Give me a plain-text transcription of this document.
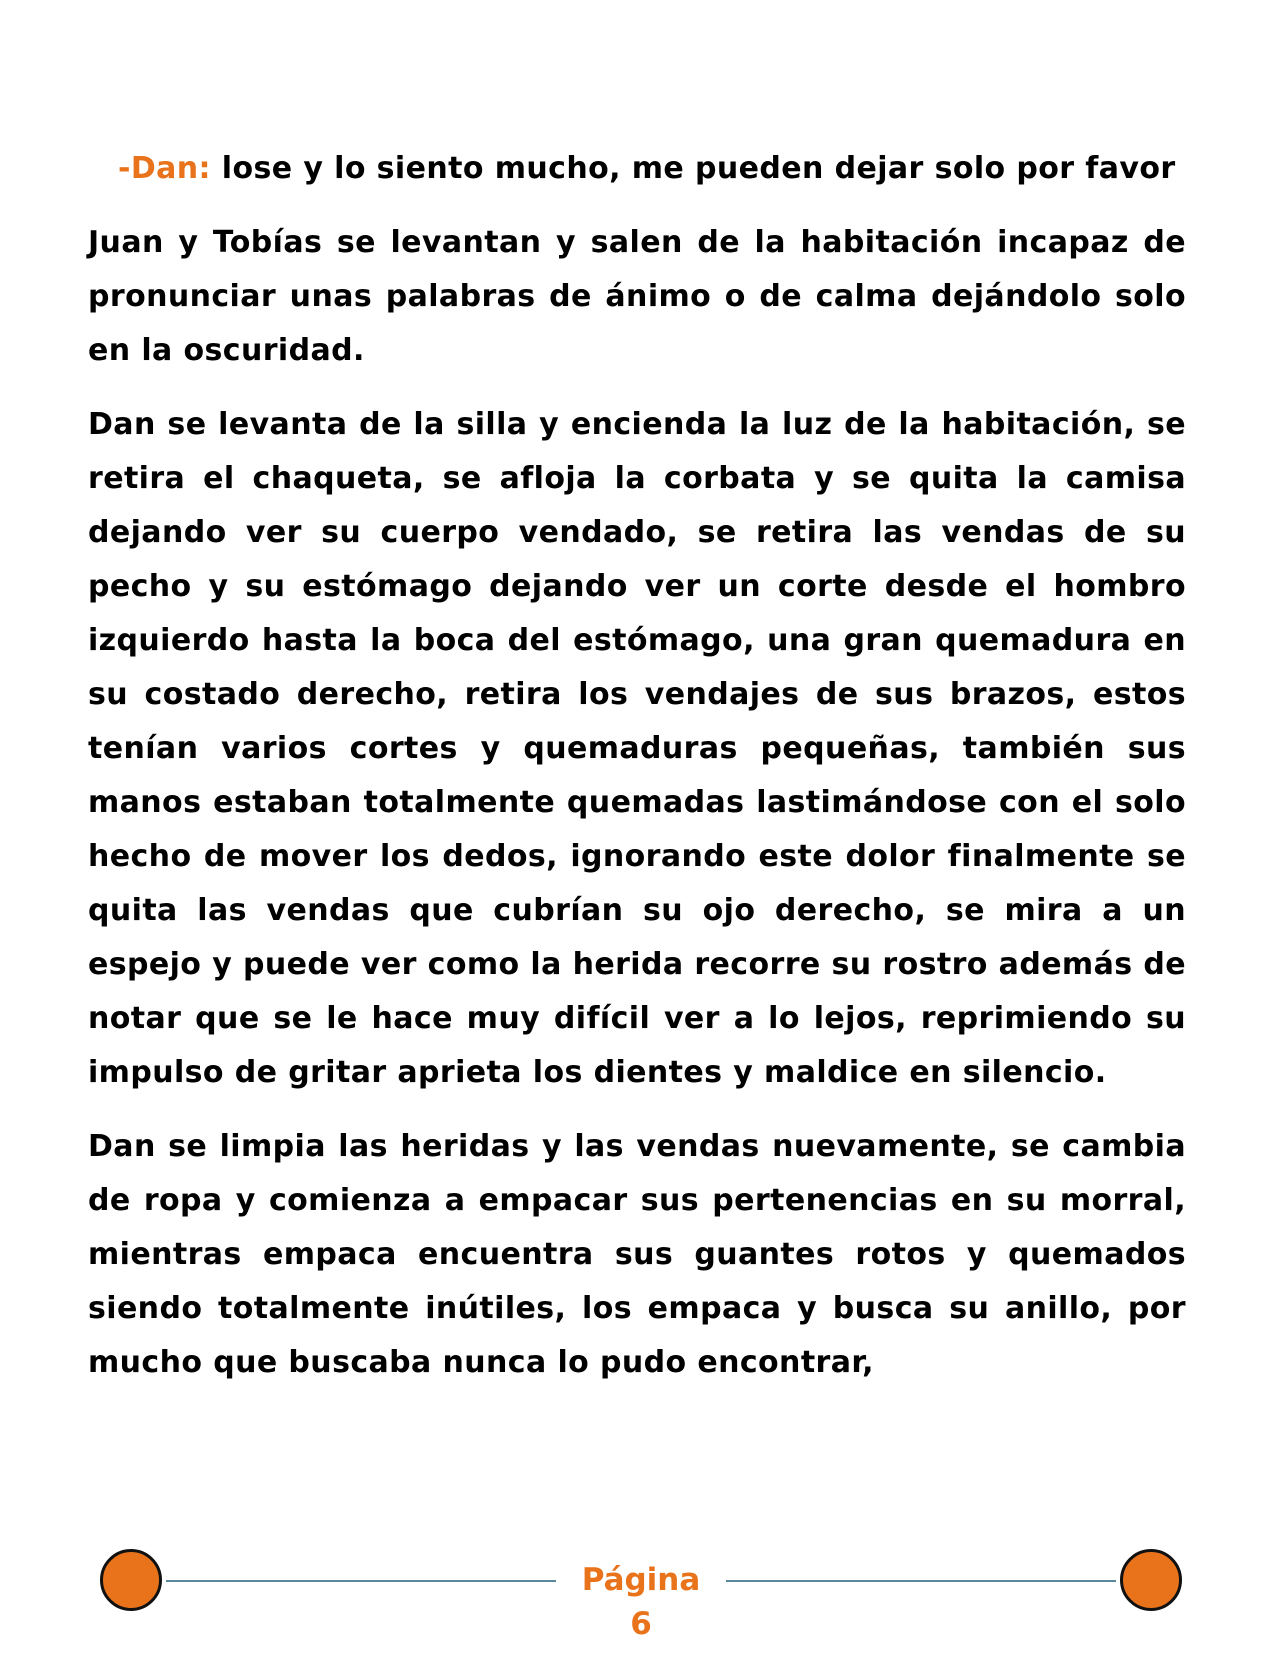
-Dan: lose y lo siento mucho, me pueden dejar solo por favor

Juan y Tobías se levantan y salen de la habitación incapaz de pronunciar unas palabras de ánimo o de calma dejándolo solo en la oscuridad.

Dan se levanta de la silla y encienda la luz de la habitación, se retira el chaqueta, se afloja la corbata y se quita la camisa dejando ver su cuerpo vendado, se retira las vendas de su pecho y su estómago dejando ver un corte desde el hombro izquierdo hasta la boca del estómago, una gran quemadura en su costado derecho, retira los vendajes de sus brazos, estos tenían varios cortes y quemaduras pequeñas, también sus manos estaban totalmente quemadas lastimándose con el solo hecho de mover los dedos, ignorando este dolor finalmente se quita las vendas que cubrían su ojo derecho, se mira a un espejo y puede ver como la herida recorre su rostro además de notar que se le hace muy difícil ver a lo lejos, reprimiendo su impulso de gritar aprieta los dientes y maldice en silencio.

Dan se limpia las heridas y las vendas nuevamente, se cambia de ropa y comienza a empacar sus pertenencias en su morral, mientras empaca encuentra sus guantes rotos y quemados siendo totalmente inútiles, los empaca y busca su anillo, por mucho que buscaba nunca lo pudo encontrar,

Página 6
